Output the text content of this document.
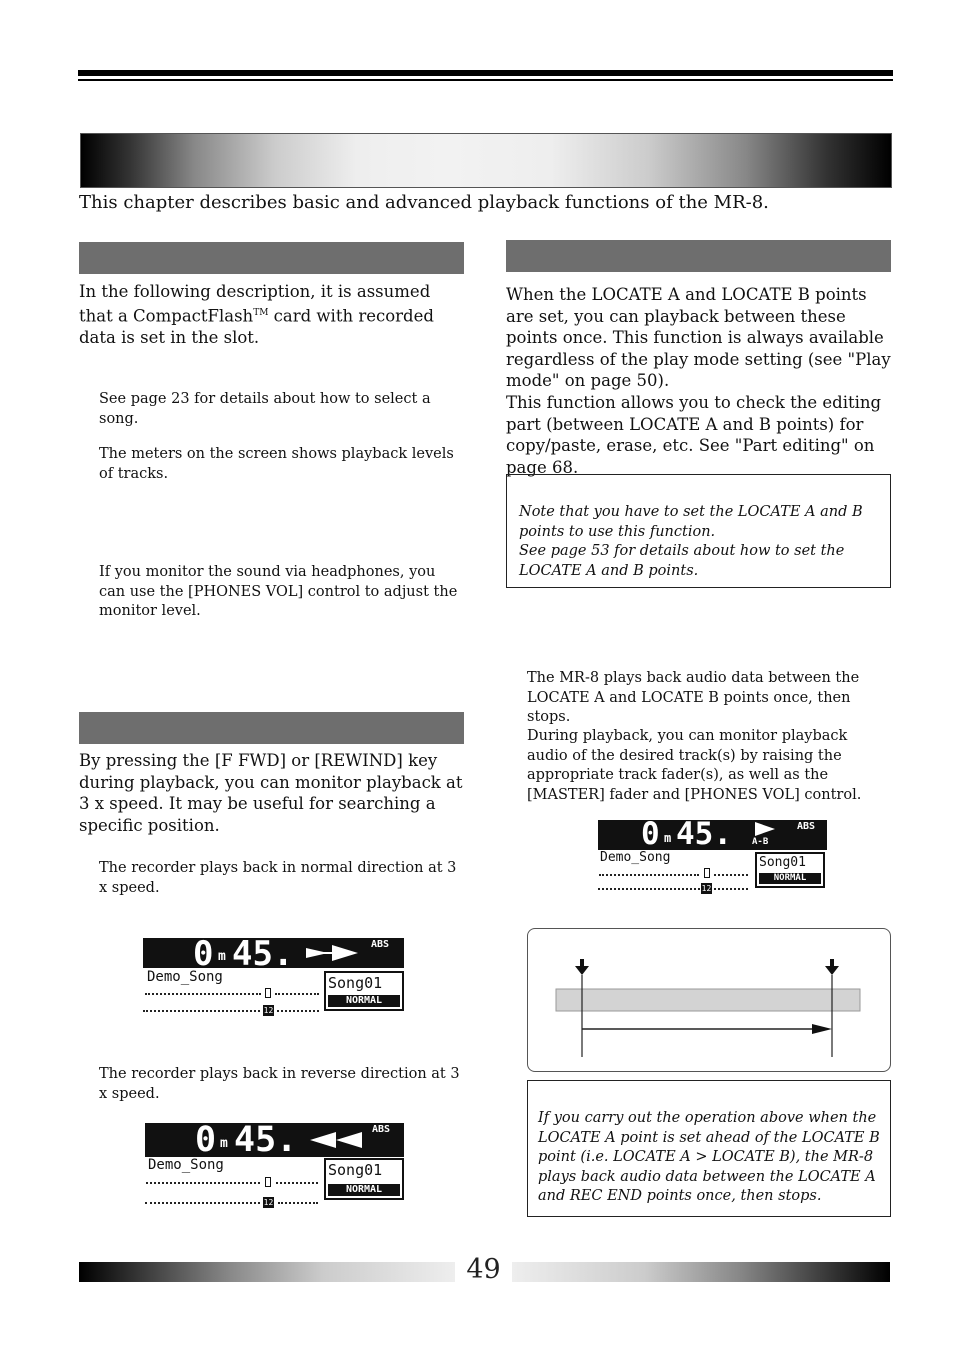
This chapter describes basic and advanced playback functions of the MR-8.
In the following description, it is assumed that a CompactFlash™ card with recorded data is set in the slot.
See page 23 for details about how to select a song.
The meters on the screen shows playback levels of tracks.
If you monitor the sound via headphones, you can use the [PHONES VOL] control to adjust the monitor level.
By pressing the [F FWD] or [REWIND] key during playback, you can monitor playback at 3 x speed. It may be useful for searching a specific position.
The recorder plays back in normal direction at 3 x speed.
0 m 45.	ABS
Demo_Song
12
Song01
NORMAL
The recorder plays back in reverse direction at 3 x speed.
0 m 45.	ABS
Demo_Song
12
Song01
NORMAL
When the LOCATE A and LOCATE B points are set, you can playback between these points once. This function is always available regardless of the play mode setting (see "Play mode" on page 50).
This function allows you to check the editing part (between LOCATE A and B points) for copy/paste, erase, etc. See "Part editing" on page 68.
Note that you have to set the LOCATE A and B points to use this function.
See page 53 for details about how to set the LOCATE A and B points.
The MR-8 plays back audio data between the LOCATE A and LOCATE B points once, then stops.
During playback, you can monitor playback audio of the desired track(s) by raising the appropriate track fader(s), as well as the [MASTER] fader and [PHONES VOL] control.
0 m 45. A-B
ABS
Demo_Song
12
Song01
NORMAL
If you carry out the operation above when the LOCATE A point is set ahead of the LOCATE B point (i.e. LOCATE A > LOCATE B), the MR-8 plays back audio data between the LOCATE A and REC END points once, then stops.
49
